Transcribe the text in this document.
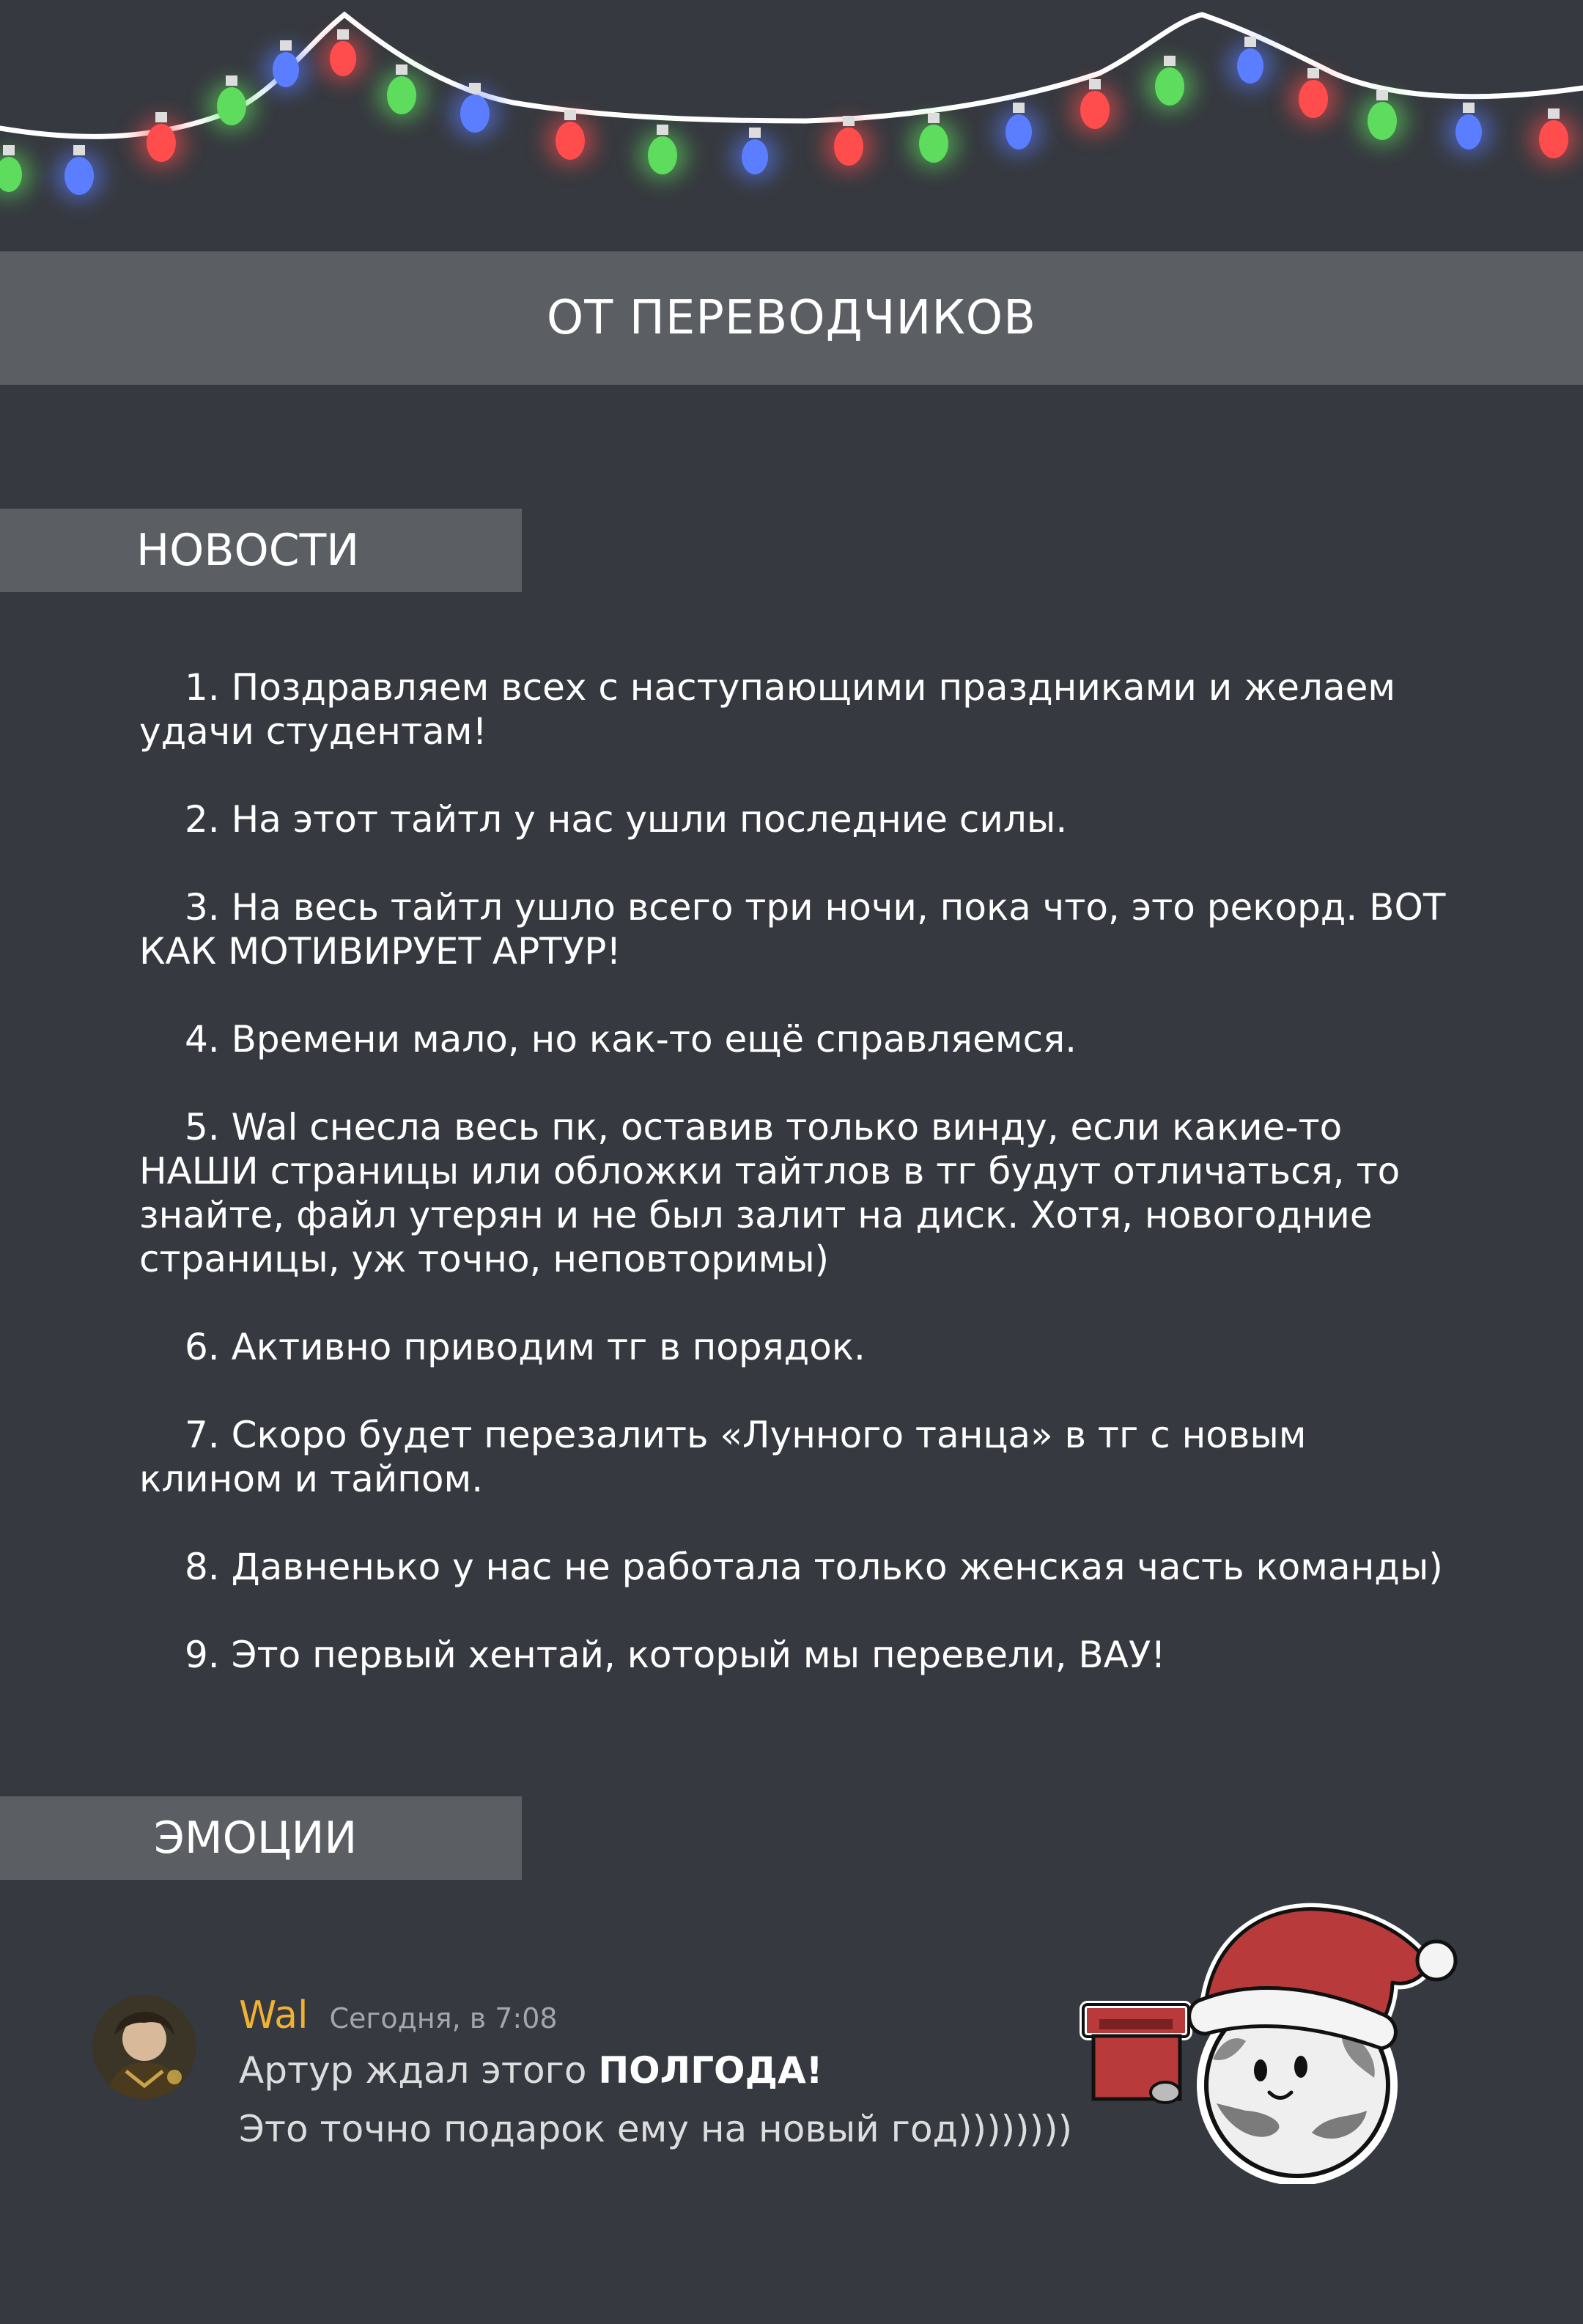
ОТ ПЕРЕВОДЧИКОВ
НОВОСТИ
1. Поздравляем всех с наступающими праздниками и желаем удачи студентам!
2. На этот тайтл у нас ушли последние силы.
3. На весь тайтл ушло всего три ночи, пока что, это рекорд. ВОТ КАК МОТИВИРУЕТ АРТУР!
4. Времени мало, но как-то ещё справляемся.
5. Wal снесла весь пк, оставив только винду, если какие-то НАШИ страницы или обложки тайтлов в тг будут отличаться, то знайте, файл утерян и не был залит на диск. Хотя, новогодние страницы, уж точно, неповторимы)
6. Активно приводим тг в порядок.
7. Скоро будет перезалить «Лунного танца» в тг с новым клином и тайпом.
8. Давненько у нас не работала только женская часть команды)
9. Это первый хентай, который мы перевели, ВАУ!
ЭМОЦИИ
Wal Сегодня, в 7:08
Артур ждал этого ПОЛГОДА!
Это точно подарок ему на новый год))))))))
